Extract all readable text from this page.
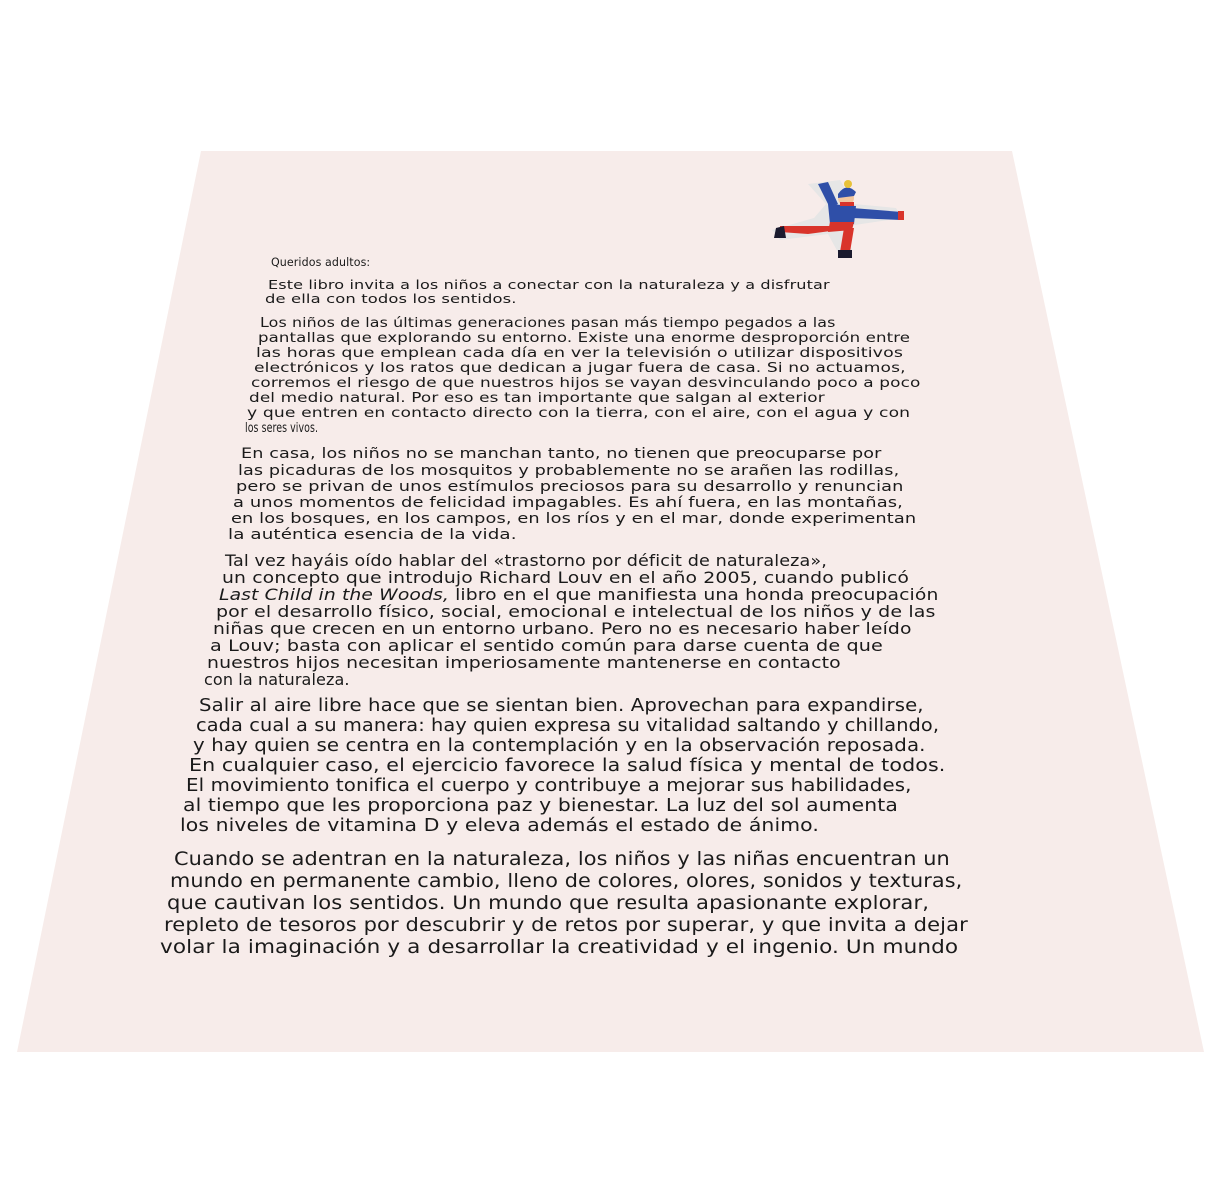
Queridos adultos:
Este libro invita a los niños a conectar con la naturaleza y a disfrutar
de ella con todos los sentidos.
Los niños de las últimas generaciones pasan más tiempo pegados a las
pantallas que explorando su entorno. Existe una enorme desproporción entre
las horas que emplean cada día en ver la televisión o utilizar dispositivos
electrónicos y los ratos que dedican a jugar fuera de casa. Si no actuamos,
corremos el riesgo de que nuestros hijos se vayan desvinculando poco a poco
del medio natural. Por eso es tan importante que salgan al exterior
y que entren en contacto directo con la tierra, con el aire, con el agua y con
los seres vivos.
En casa, los niños no se manchan tanto, no tienen que preocuparse por
las picaduras de los mosquitos y probablemente no se arañen las rodillas,
pero se privan de unos estímulos preciosos para su desarrollo y renuncian
a unos momentos de felicidad impagables. Es ahí fuera, en las montañas,
en los bosques, en los campos, en los ríos y en el mar, donde experimentan
la auténtica esencia de la vida.
Tal vez hayáis oído hablar del «trastorno por déficit de naturaleza»,
un concepto que introdujo Richard Louv en el año 2005, cuando publicó
Last Child in the Woods, libro en el que manifiesta una honda preocupación
por el desarrollo físico, social, emocional e intelectual de los niños y de las
niñas que crecen en un entorno urbano. Pero no es necesario haber leído
a Louv; basta con aplicar el sentido común para darse cuenta de que
nuestros hijos necesitan imperiosamente mantenerse en contacto
con la naturaleza.
Salir al aire libre hace que se sientan bien. Aprovechan para expandirse,
cada cual a su manera: hay quien expresa su vitalidad saltando y chillando,
y hay quien se centra en la contemplación y en la observación reposada.
En cualquier caso, el ejercicio favorece la salud física y mental de todos.
El movimiento tonifica el cuerpo y contribuye a mejorar sus habilidades,
al tiempo que les proporciona paz y bienestar. La luz del sol aumenta
los niveles de vitamina D y eleva además el estado de ánimo.
Cuando se adentran en la naturaleza, los niños y las niñas encuentran un
mundo en permanente cambio, lleno de colores, olores, sonidos y texturas,
que cautivan los sentidos. Un mundo que resulta apasionante explorar,
repleto de tesoros por descubrir y de retos por superar, y que invita a dejar
volar la imaginación y a desarrollar la creatividad y el ingenio. Un mundo
